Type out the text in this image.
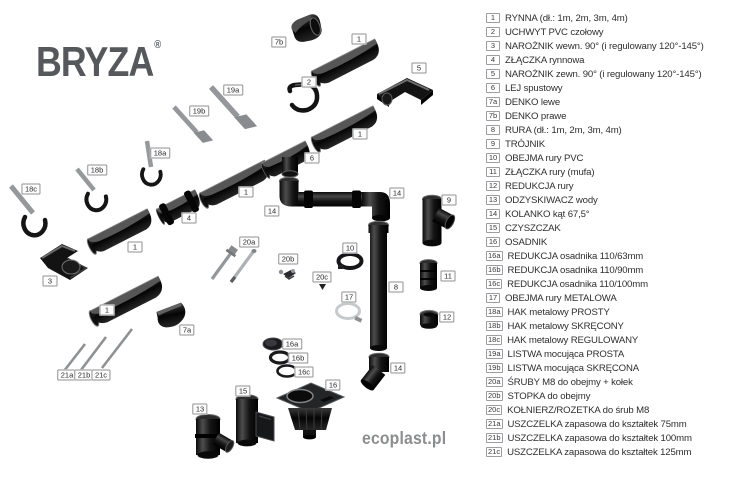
BRYZA®	7b	1
5
2
19a
19b
1
18a
6
18b
18c	1
14
14
9
4
20a
1	10
20b
11
20c
3
8
17
1
12
7a
16a
16b
14
16c
21a 21b 21c
16
15
13
ecoplast.pl
1	RYNNA (dł.: 1m, 2m, 3m, 4m)
2	UCHWYT PVC czołowy
3	NAROŻNIK wewn. 90° (i regulowany 120°-145°)
4	ZŁĄCZKA rynnowa
5	NAROŻNIK zewn. 90° (i regulowany 120°-145°)
6	LEJ spustowy
7a DENKO lewe
7b DENKO prawe
8	RURA (dł.: 1m, 2m, 3m, 4m)
9	TRÓJNIK
10 OBEJMA rury PVC
11 ZŁĄCZKA rury (mufa)
12 REDUKCJA rury
13 ODZYSKIWACZ wody
14 KOLANKO kąt 67,5°
15 CZYSZCZAK
16 OSADNIK
16a REDUKCJA osadnika 110/63mm
16b REDUKCJA osadnika 110/90mm
16c REDUKCJA osadnika 110/100mm
17 OBEJMA rury METALOWA
18a HAK metalowy PROSTY
18b HAK metalowy SKRĘCONY
18c HAK metalowy REGULOWANY
19a LISTWA mocująca PROSTA
19b LISTWA mocująca SKRĘCONA
20a ŚRUBY M8 do obejmy + kołek
20b STOPKA do obejmy
20c KOŁNIERZ/ROZETKA do śrub M8
21a USZCZELKA zapasowa do kształtek 75mm
21b USZCZELKA zapasowa do kształtek 100mm
21c USZCZELKA zapasowa do kształtek 125mm
